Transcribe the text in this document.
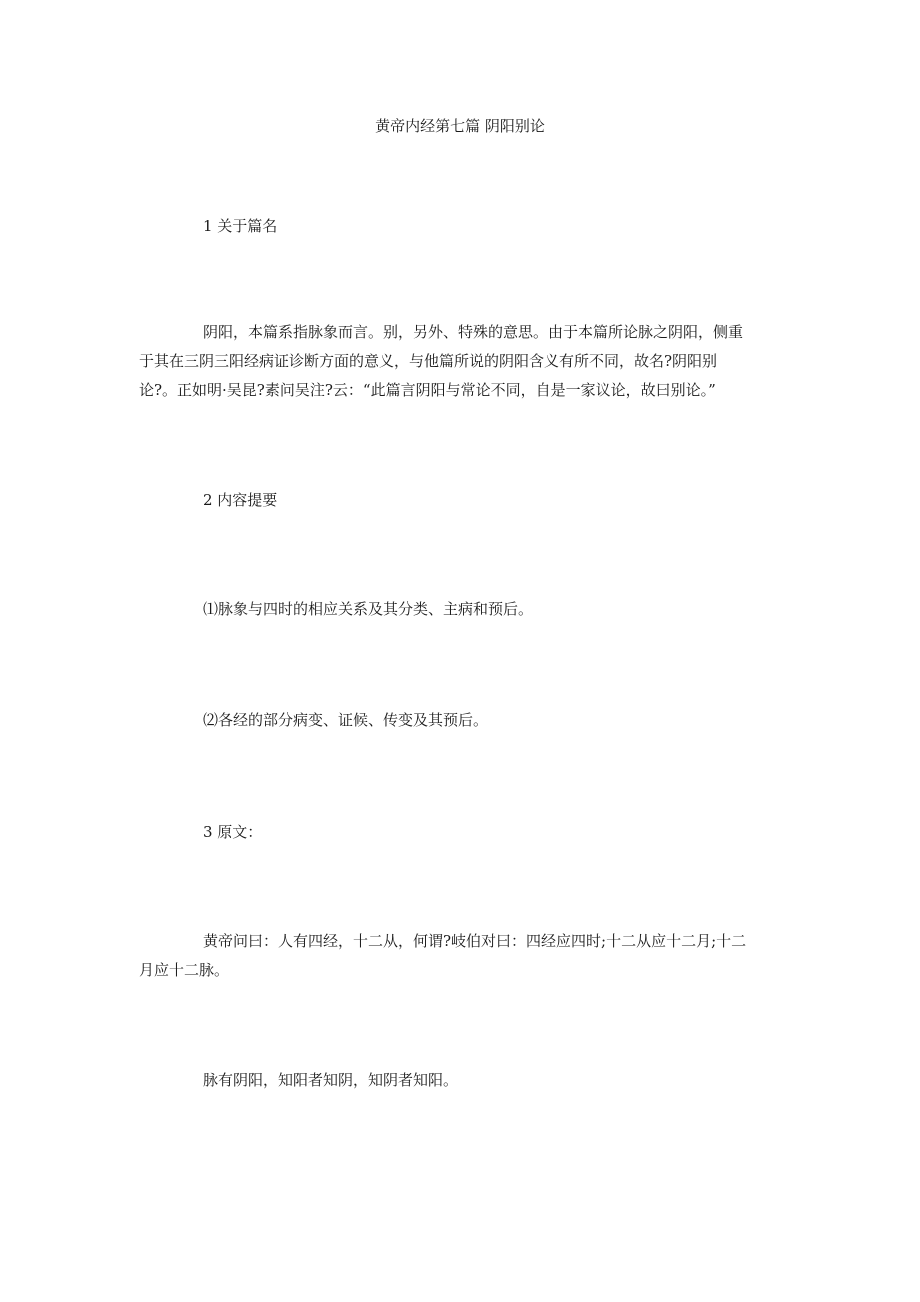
黄帝内经第七篇 阴阳别论
1 关于篇名
阴阳，本篇系指脉象而言。别，另外、特殊的意思。由于本篇所论脉之阴阳，侧重
于其在三阴三阳经病证诊断方面的意义，与他篇所说的阴阳含义有所不同，故名?阴阳别
论?。正如明·吴昆?素问吴注?云：“此篇言阴阳与常论不同，自是一家议论，故曰别论。”
2 内容提要
⑴脉象与四时的相应关系及其分类、主病和预后。
⑵各经的部分病变、证候、传变及其预后。
3 原文：
黄帝问曰：人有四经，十二从，何谓?岐伯对曰：四经应四时;十二从应十二月;十二
月应十二脉。
脉有阴阳，知阳者知阴，知阴者知阳。
